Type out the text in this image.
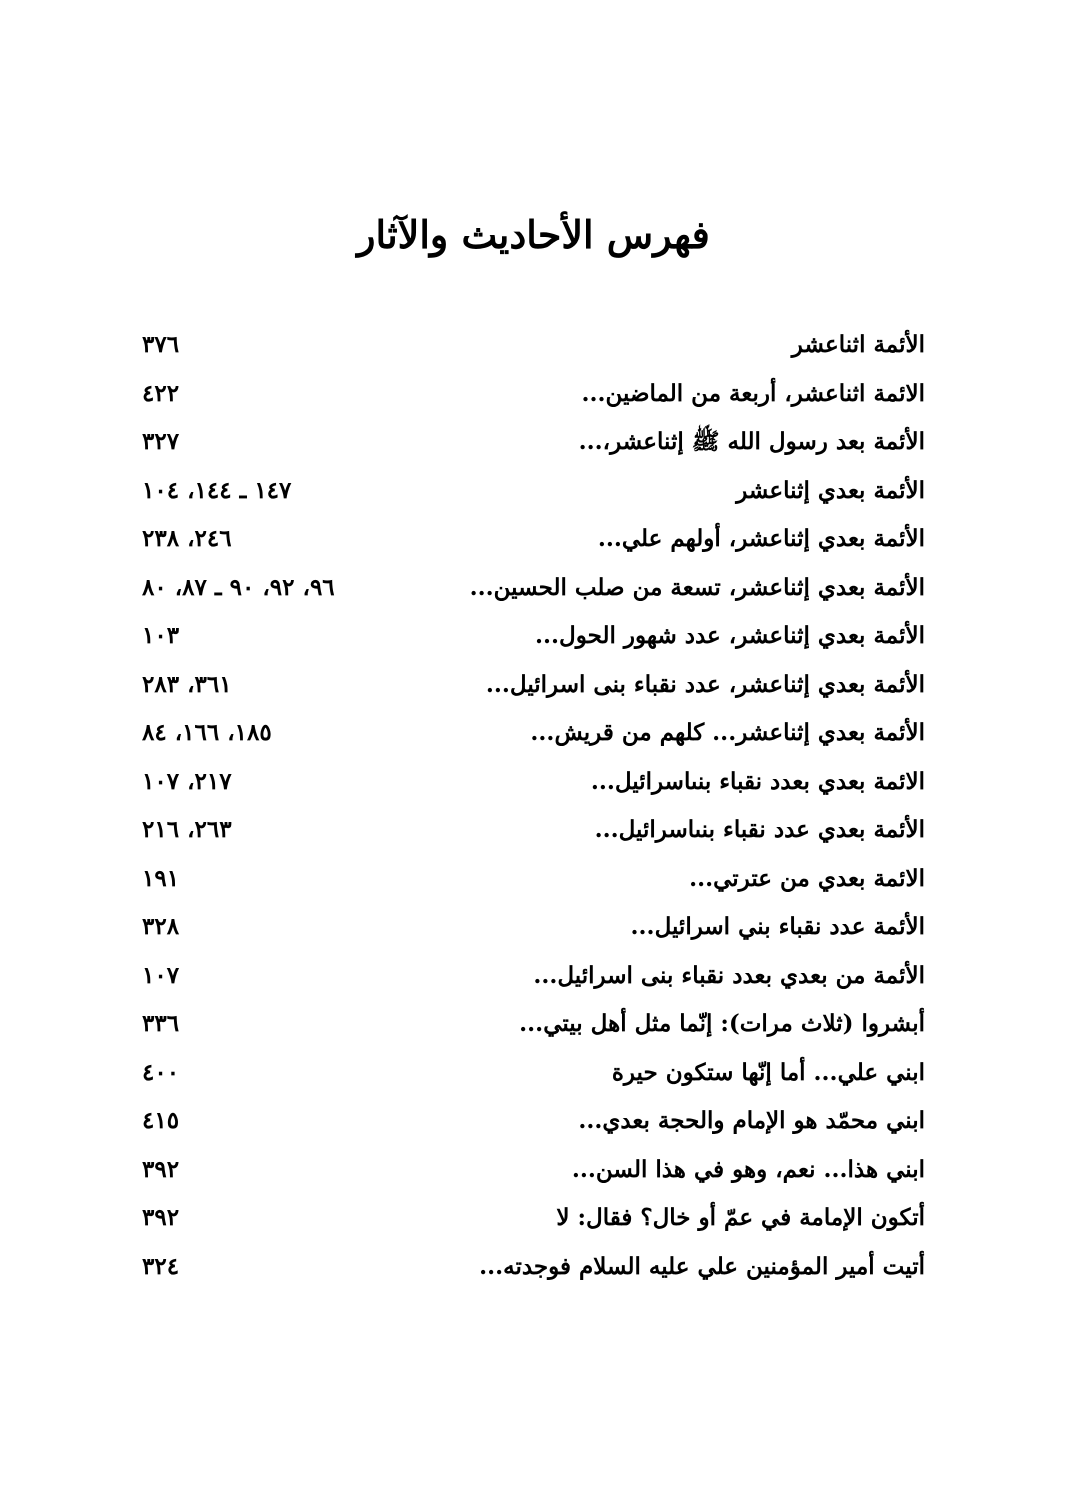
فهرس الأحاديث والآثار
الأئمة اثناعشر
٣٧٦
الائمة اثناعشر، أربعة من الماضين...
٤٢٢
الأئمة بعد رسول الله ﷺ إثناعشر،...
٣٢٧
الأئمة بعدي إثناعشر
١٤٧ ـ ١٤٤، ١٠٤
الأئمة بعدي إثناعشر، أولهم علي...
٢٤٦، ٢٣٨
الأئمة بعدي إثناعشر، تسعة من صلب الحسين...
٩٦، ٩٢، ٩٠ ـ ٨٧، ٨٠
الأئمة بعدي إثناعشر، عدد شهور الحول...
١٠٣
الأئمة بعدي إثناعشر، عدد نقباء بنى اسرائيل...
٣٦١، ٢٨٣
الأئمة بعدي إثناعشر... كلهم من قريش...
١٨٥، ١٦٦، ٨٤
الائمة بعدي بعدد نقباء بنىاسرائيل...
٢١٧، ١٠٧
الأئمة بعدي عدد نقباء بنىاسرائيل...
٢٦٣، ٢١٦
الائمة بعدي من عترتي...
١٩١
الأئمة عدد نقباء بني اسرائيل...
٣٢٨
الأئمة من بعدي بعدد نقباء بنى اسرائيل...
١٠٧
أبشروا (ثلاث مرات): إنّما مثل أهل بيتي...
٣٣٦
ابني علي... أما إنّها ستكون حيرة
٤٠٠
ابني محمّد هو الإمام والحجة بعدي...
٤١٥
ابني هذا... نعم، وهو في هذا السن...
٣٩٢
أتكون الإمامة في عمّ أو خال؟ فقال: لا
٣٩٢
أتيت أمير المؤمنين علي عليه السلام فوجدته...
٣٢٤
